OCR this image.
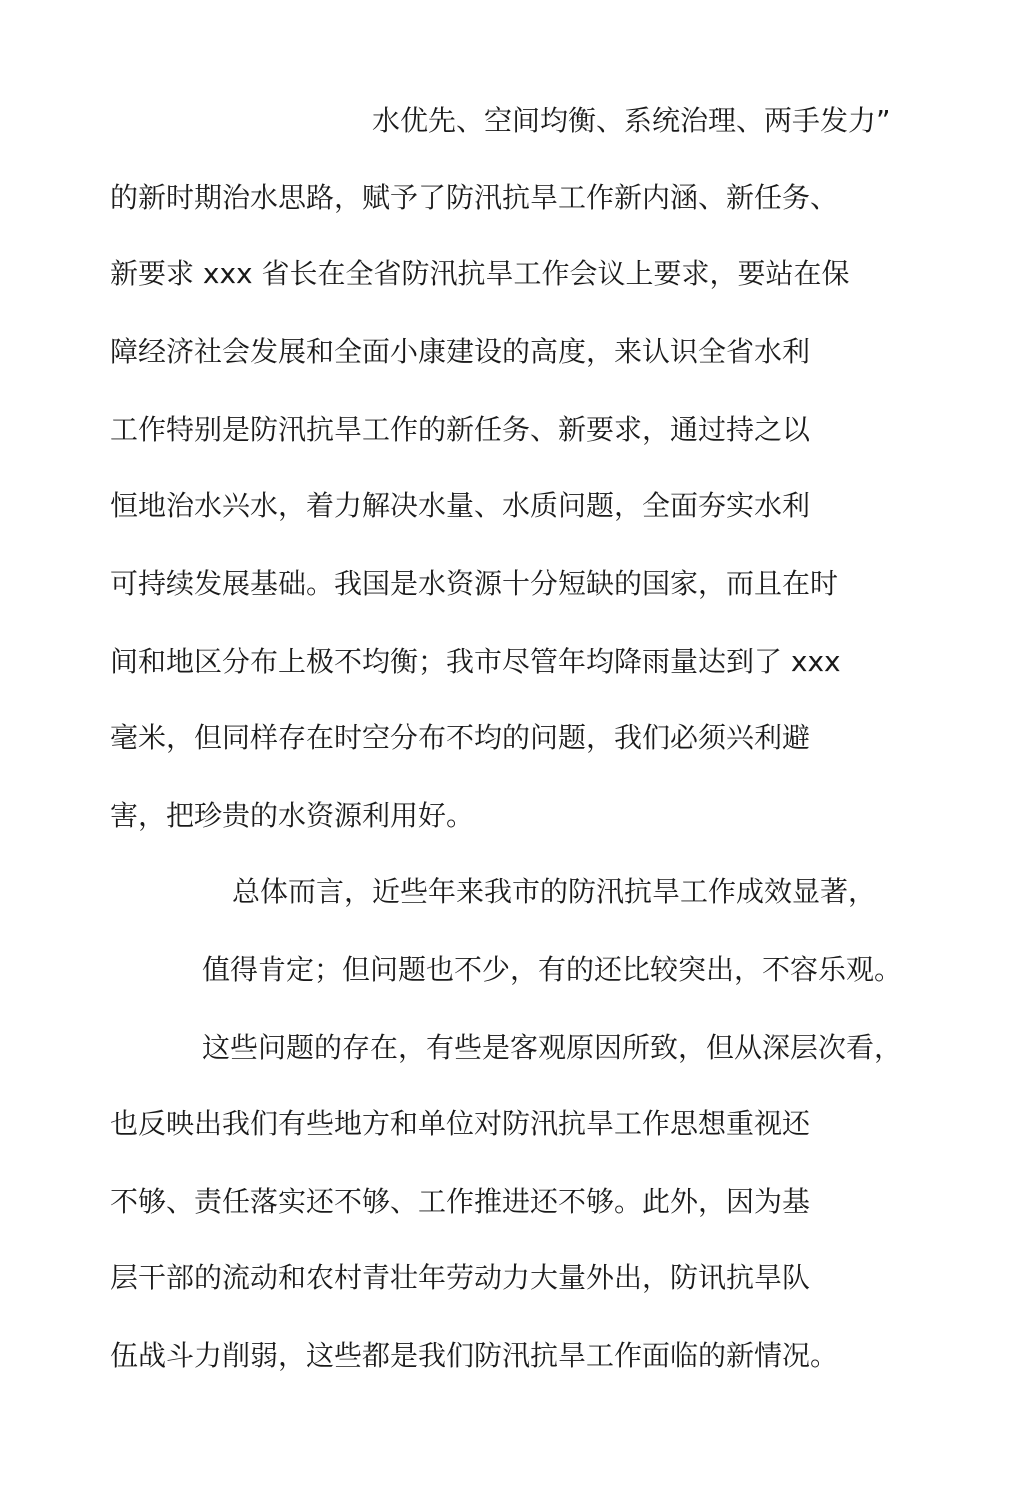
水优先、空间均衡、系统治理、两手发力”
的新时期治水思路，赋予了防汛抗旱工作新内涵、新任务、
新要求 xxx 省长在全省防汛抗旱工作会议上要求，要站在保
障经济社会发展和全面小康建设的高度，来认识全省水利
工作特别是防汛抗旱工作的新任务、新要求，通过持之以
恒地治水兴水，着力解决水量、水质问题，全面夯实水利
可持续发展基础。我国是水资源十分短缺的国家，而且在时
间和地区分布上极不均衡；我市尽管年均降雨量达到了 xxx
毫米，但同样存在时空分布不均的问题，我们必须兴利避
害，把珍贵的水资源利用好。
总体而言，近些年来我市的防汛抗旱工作成效显著，
值得肯定；但问题也不少，有的还比较突出，不容乐观。
这些问题的存在，有些是客观原因所致，但从深层次看，
也反映出我们有些地方和单位对防汛抗旱工作思想重视还
不够、责任落实还不够、工作推进还不够。此外，因为基
层干部的流动和农村青壮年劳动力大量外出，防讯抗旱队
伍战斗力削弱，这些都是我们防汛抗旱工作面临的新情况。
